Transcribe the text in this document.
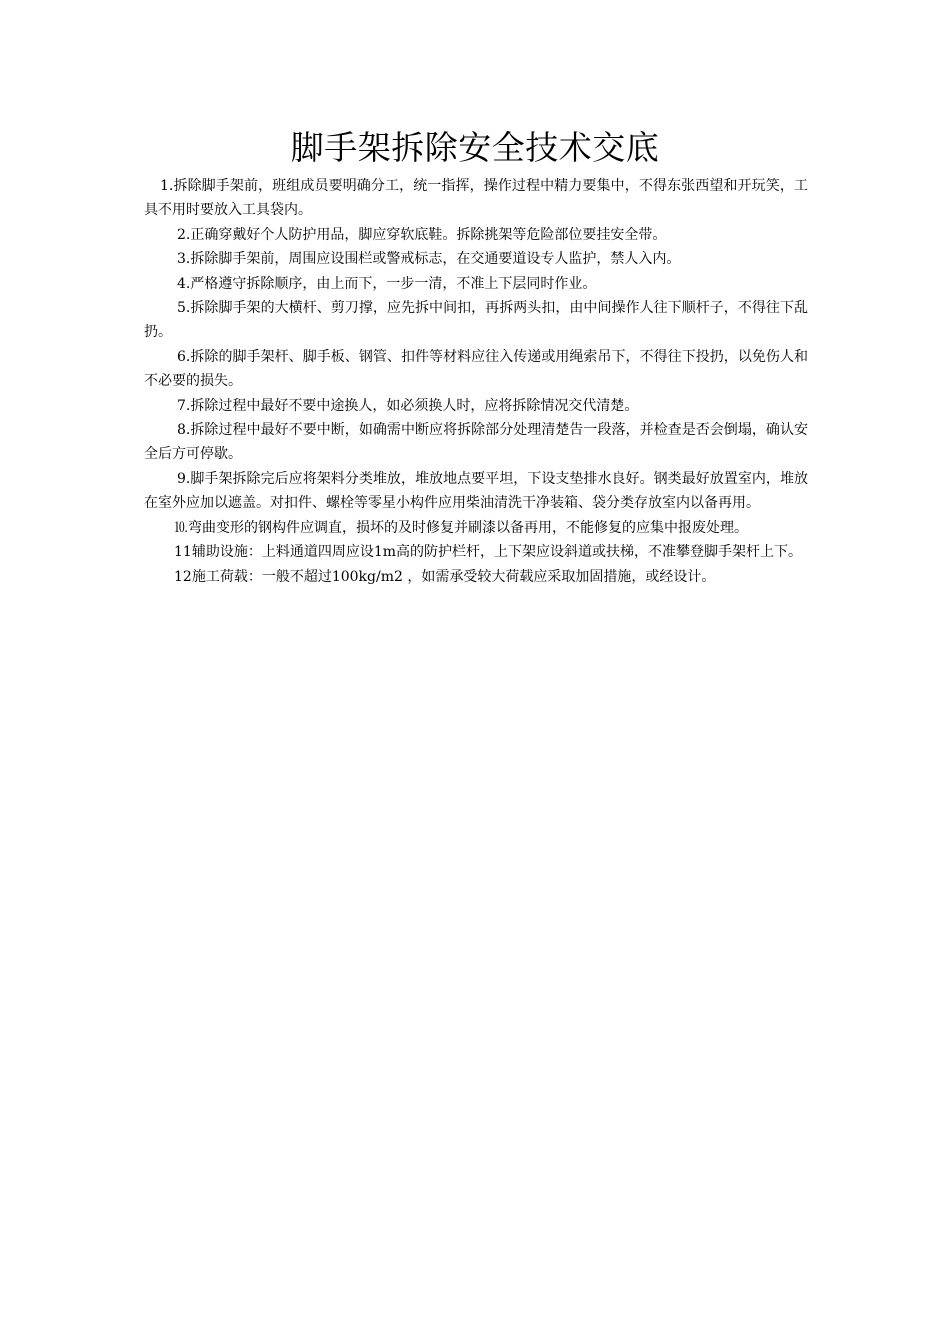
脚手架拆除安全技术交底

1.拆除脚手架前，班组成员要明确分工，统一指挥，操作过程中精力要集中，不得东张西望和开玩笑，工具不用时要放入工具袋内。

2.正确穿戴好个人防护用品，脚应穿软底鞋。拆除挑架等危险部位要挂安全带。

3.拆除脚手架前，周围应设围栏或警戒标志，在交通要道设专人监护，禁人入内。

4.严格遵守拆除顺序，由上而下，一步一清，不准上下层同时作业。

5.拆除脚手架的大横杆、剪刀撑，应先拆中间扣，再拆两头扣，由中间操作人往下顺杆子，不得往下乱扔。

6.拆除的脚手架杆、脚手板、钢管、扣件等材料应往入传递或用绳索吊下，不得往下投扔，以免伤人和不必要的损失。

7.拆除过程中最好不要中途换人，如必须换人时，应将拆除情况交代清楚。

8.拆除过程中最好不要中断，如确需中断应将拆除部分处理清楚告一段落，并检查是否会倒塌，确认安全后方可停歇。

9.脚手架拆除完后应将架料分类堆放，堆放地点要平坦，下设支垫排水良好。钢类最好放置室内，堆放在室外应加以遮盖。对扣件、螺栓等零星小构件应用柴油清洗干净装箱、袋分类存放室内以备再用。

⒑弯曲变形的钢构件应调直，损坏的及时修复并刷漆以备再用，不能修复的应集中报废处理。

11辅助设施：上料通道四周应设1m高的防护栏杆，上下架应设斜道或扶梯，不准攀登脚手架杆上下。

12施工荷载：一般不超过100kg/m2 ，如需承受较大荷载应采取加固措施，或经设计。
